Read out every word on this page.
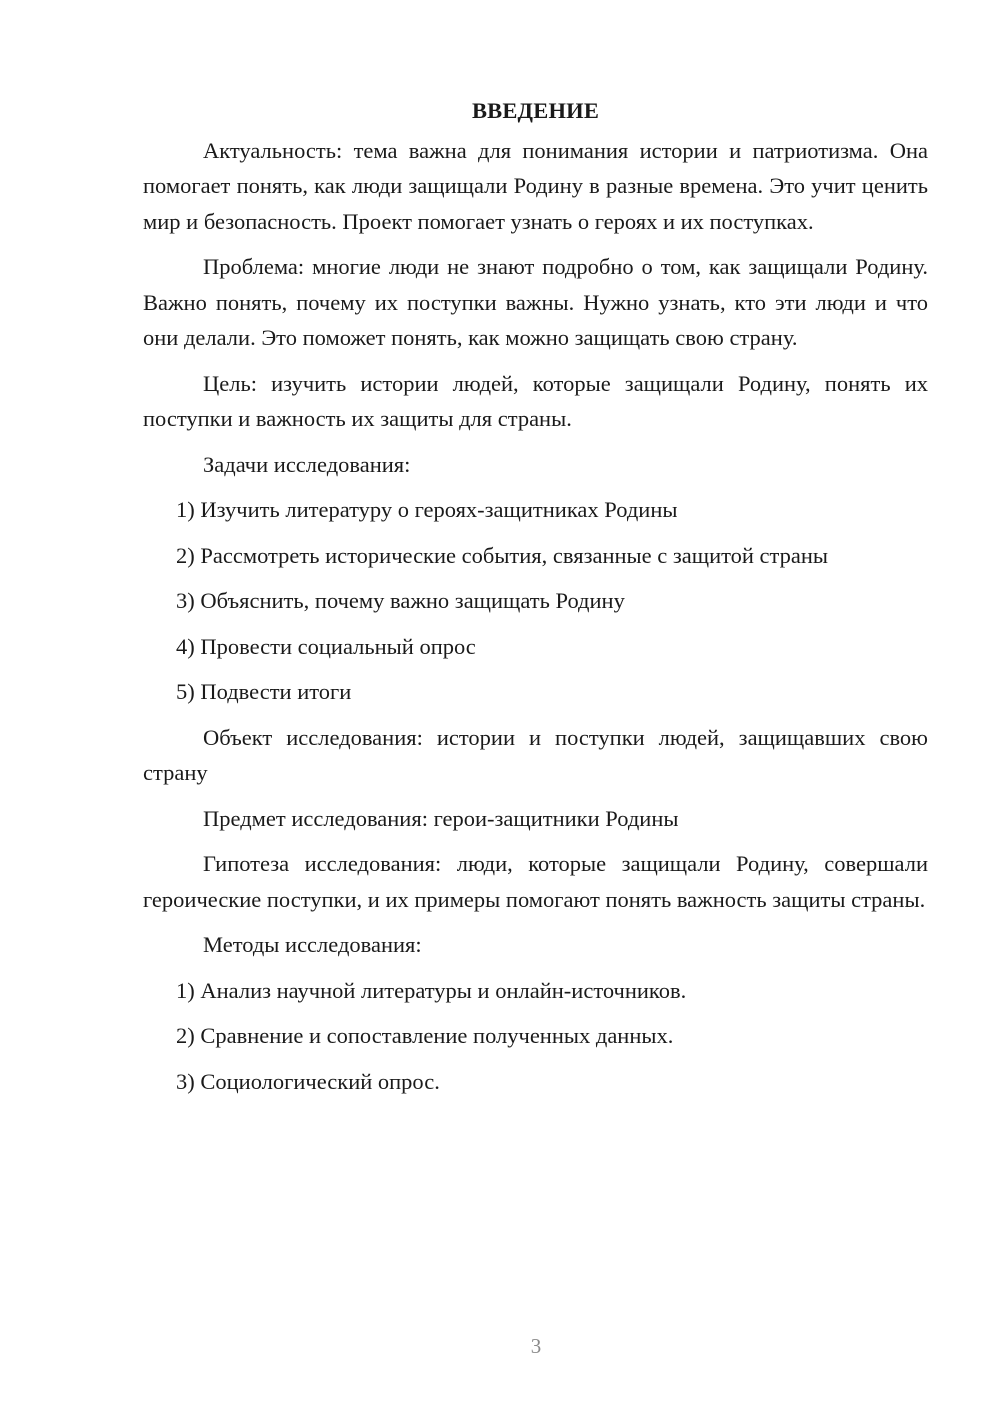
ВВЕДЕНИЕ

Актуальность: тема важна для понимания истории и патриотизма. Она помогает понять, как люди защищали Родину в разные времена. Это учит ценить мир и безопасность. Проект помогает узнать о героях и их поступках.

Проблема: многие люди не знают подробно о том, как защищали Родину. Важно понять, почему их поступки важны. Нужно узнать, кто эти люди и что они делали. Это поможет понять, как можно защищать свою страну.

Цель: изучить истории людей, которые защищали Родину, понять их поступки и важность их защиты для страны.

Задачи исследования:

1) Изучить литературу о героях-защитниках Родины
2) Рассмотреть исторические события, связанные с защитой страны
3) Объяснить, почему важно защищать Родину
4) Провести социальный опрос
5) Подвести итоги

Объект исследования: истории и поступки людей, защищавших свою страну

Предмет исследования: герои-защитники Родины

Гипотеза исследования: люди, которые защищали Родину, совершали героические поступки, и их примеры помогают понять важность защиты страны.

Методы исследования:

1) Анализ научной литературы и онлайн-источников.
2) Сравнение и сопоставление полученных данных.
3) Социологический опрос.
3
